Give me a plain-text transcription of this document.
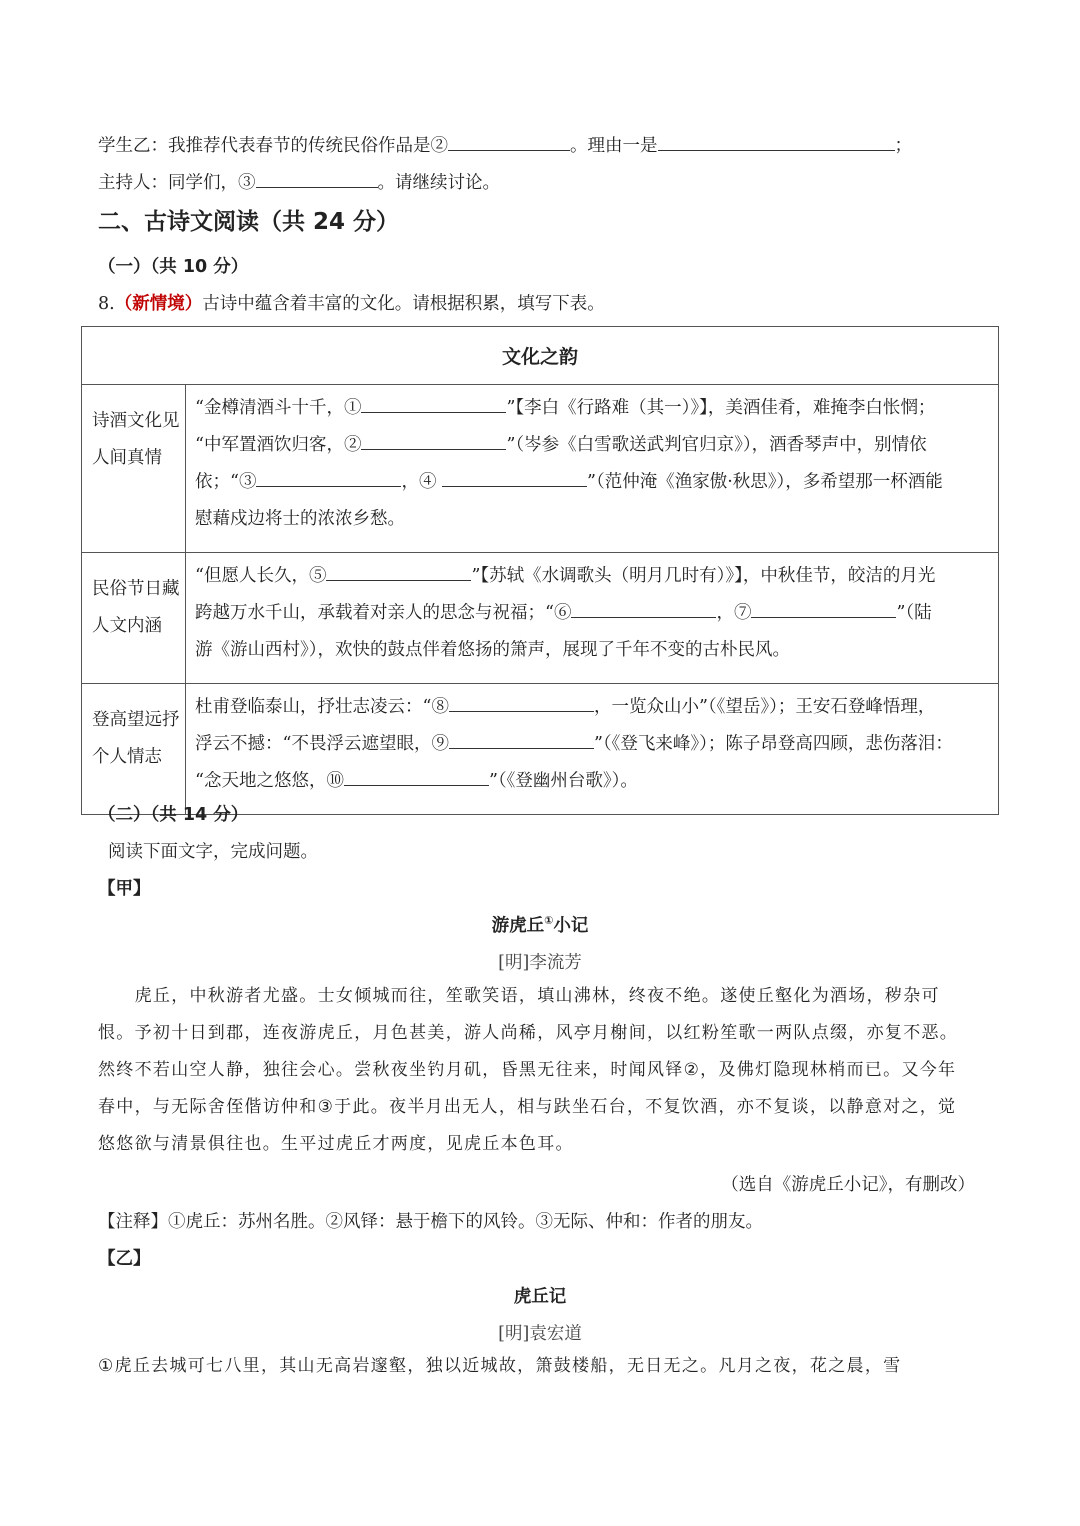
学生乙：我推荐代表春节的传统民俗作品是②	。理由一是	；
主持人：同学们，③	。请继续讨论。
二、古诗文阅读（共 24 分）
（一）（共 10 分）
8.（新情境）古诗中蕴含着丰富的文化。请根据积累，填写下表。
文化之韵	
诗酒文化见人间真情	“金樽清酒斗十千，① ”【李白《行路难（其一）》】，美酒佳肴，难掩李白怅惘；
“中军置酒饮归客，② ”（岑参《白雪歌送武判官归京》），酒香琴声中，别情依
依；“③ ，④ ”（范仲淹《渔家傲·秋思》），多希望那一杯酒能
慰藉戍边将士的浓浓乡愁。

民俗节日藏人文内涵	“但愿人长久，⑤ ”【苏轼《水调歌头（明月几时有）》】，中秋佳节，皎洁的月光
跨越万水千山，承载着对亲人的思念与祝福；“⑥ ，⑦ ”（陆
游《游山西村》），欢快的鼓点伴着悠扬的箫声，展现了千年不变的古朴民风。

登高望远抒个人情志	杜甫登临泰山，抒壮志凌云：“⑧ ，一览众山小”（《望岳》）；王安石登峰悟理，
浮云不撼：“不畏浮云遮望眼，⑨ ”（《登飞来峰》）；陈子昂登高四顾，悲伤落泪：
“念天地之悠悠，⑩ ”（《登幽州台歌》）。
（二）（共 14 分）
阅读下面文字，完成问题。
【甲】
游虎丘①小记
[明]李流芳
　　虎丘，中秋游者尤盛。士女倾城而往，笙歌笑语，填山沸林，终夜不绝。遂使丘壑化为酒场，秽杂可
恨。予初十日到郡，连夜游虎丘，月色甚美，游人尚稀，风亭月榭间，以红粉笙歌一两队点缀，亦复不恶。
然终不若山空人静，独往会心。尝秋夜坐钓月矶，昏黑无往来，时闻风铎②，及佛灯隐现林梢而已。又今年
春中，与无际舍侄偕访仲和③于此。夜半月出无人，相与趺坐石台，不复饮酒，亦不复谈，以静意对之，觉
悠悠欲与清景俱往也。生平过虎丘才两度，见虎丘本色耳。
（选自《游虎丘小记》，有删改）
【注释】①虎丘：苏州名胜。②风铎：悬于檐下的风铃。③无际、仲和：作者的朋友。
【乙】
虎丘记
[明]袁宏道
①虎丘去城可七八里，其山无高岩邃壑，独以近城故，箫鼓楼船，无日无之。凡月之夜，花之晨，雪
